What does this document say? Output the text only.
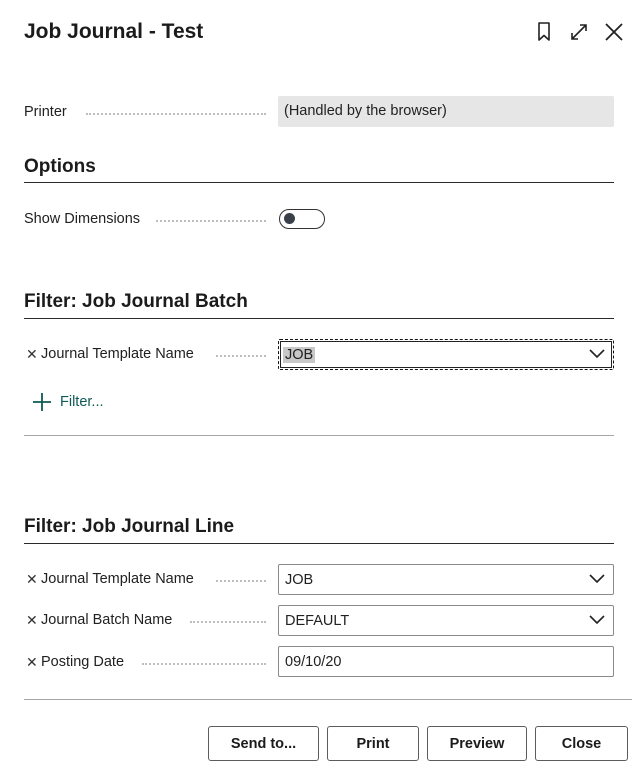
Job Journal - Test
Printer	(Handled by the browser)
Options
Show Dimensions
Filter: Job Journal Batch
✕ Journal Template Name	JOB
Filter...
Filter: Job Journal Line
✕ Journal Template Name	JOB
✕ Journal Batch Name	DEFAULT
✕ Posting Date	09/10/20
Send to...	Print	Preview	Close
